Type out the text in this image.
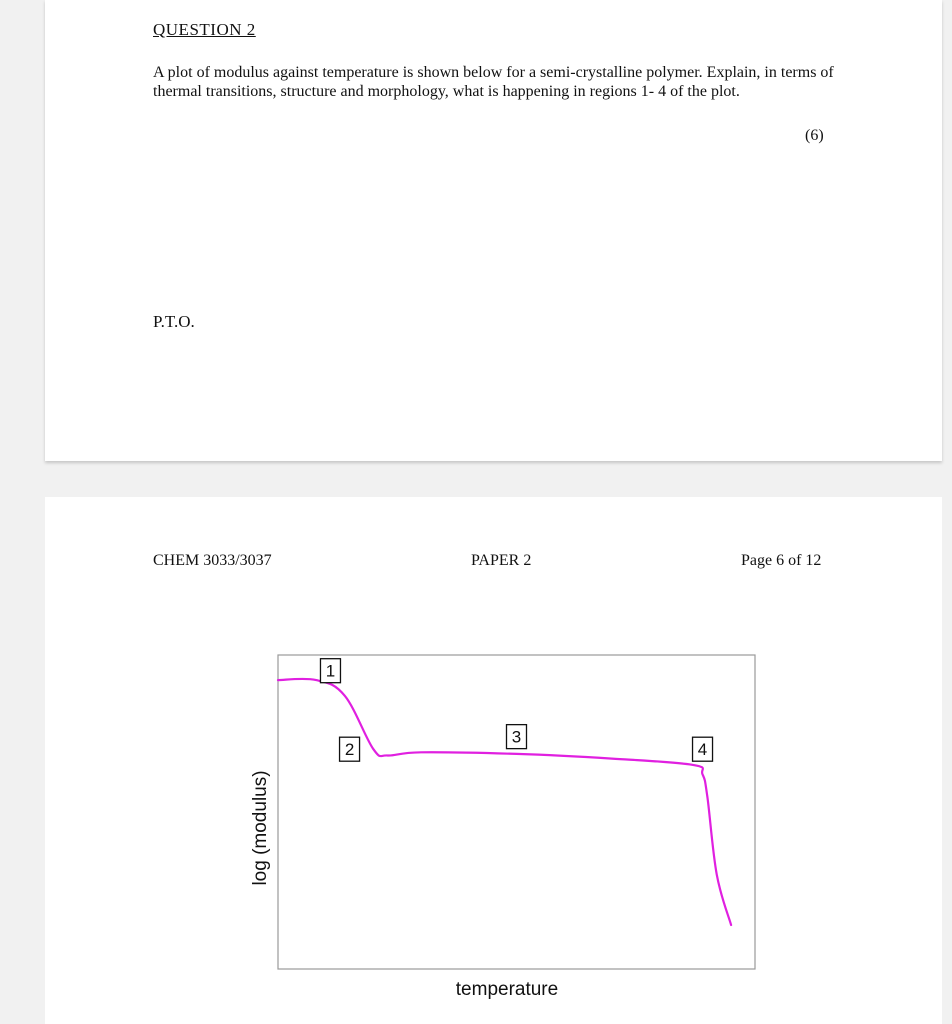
QUESTION 2
A plot of modulus against temperature is shown below for a semi-crystalline polymer. Explain, in terms of thermal transitions, structure and morphology, what is happening in regions 1- 4 of the plot.
(6)
P.T.O.
CHEM 3033/3037	PAPER 2	Page 6 of 12
1
2
3
4
temperature
log (modulus)
